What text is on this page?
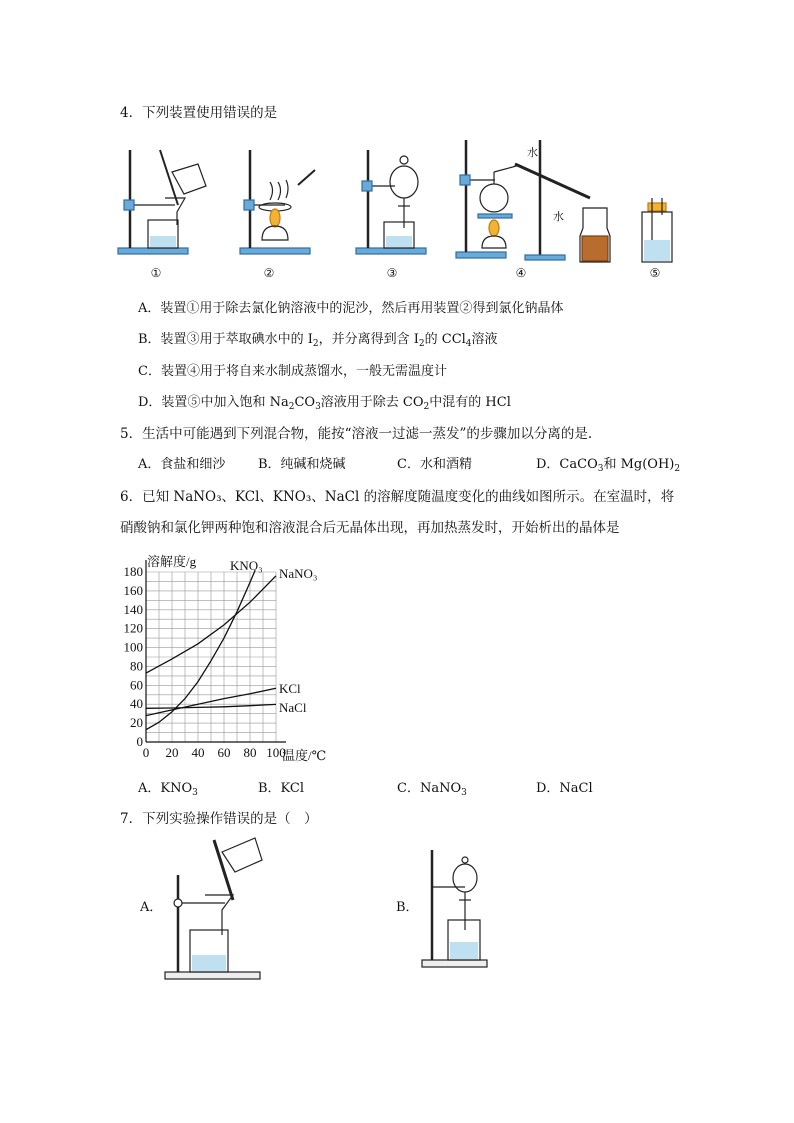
4．下列装置使用错误的是
水
水
①	②	③	④	⑤
A．装置①用于除去氯化钠溶液中的泥沙，然后再用装置②得到氯化钠晶体
B．装置③用于萃取碘水中的 $I_2$，并分离得到含 $I_2$的 CCl$_4$溶液
C．装置④用于将自来水制成蒸馏水，一般无需温度计
D．装置⑤中加入饱和 $Na_2CO_3$溶液用于除去 $CO_2$中混有的 HCl
5．生活中可能遇到下列混合物，能按“溶液一过滤一蒸发”的步骤加以分离的是.
A．食盐和细沙	B．纯碱和烧碱	C．水和酒精	D．CaCO$_3$和 $Mg(OH)_2$
6．已知 NaNO₃、KCl、KNO₃、NaCl 的溶解度随温度变化的曲线如图所示。在室温时，将
硝酸钠和氯化钾两种饱和溶液混合后无晶体出现，再加热蒸发时，开始析出的晶体是
0 20 40 60 80 100
0
20
40
60
80
100
120
140
160
180
溶解度/g
温度/℃
KNO₃
NaNO₃
KCl
NaCl
A．$KNO_3$	B．KCl	C．NaNO$_3$	D．NaCl
7．下列实验操作错误的是（　）
A．	B．
